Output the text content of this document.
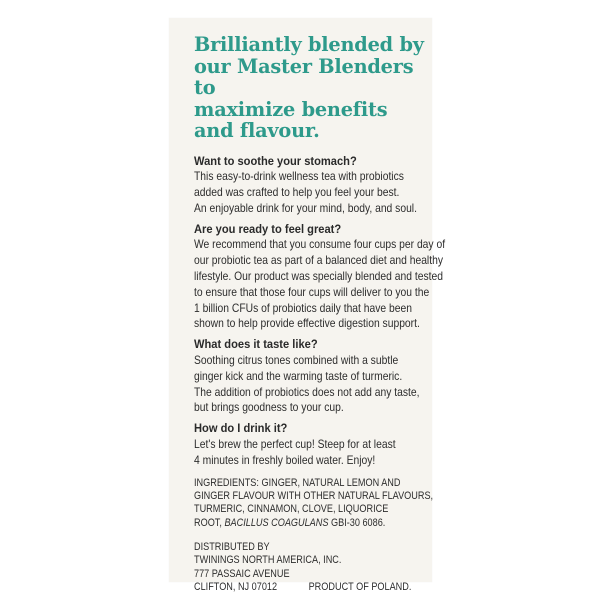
Brilliantly blended by
our Master Blenders to
maximize benefits
and flavour.
Want to soothe your stomach?
This easy-to-drink wellness tea with probiotics
added was crafted to help you feel your best.
An enjoyable drink for your mind, body, and soul.
Are you ready to feel great?
We recommend that you consume four cups per day of
our probiotic tea as part of a balanced diet and healthy
lifestyle. Our product was specially blended and tested
to ensure that those four cups will deliver to you the
1 billion CFUs of probiotics daily that have been
shown to help provide effective digestion support.
What does it taste like?
Soothing citrus tones combined with a subtle
ginger kick and the warming taste of turmeric.
The addition of probiotics does not add any taste,
but brings goodness to your cup.
How do I drink it?
Let's brew the perfect cup! Steep for at least
4 minutes in freshly boiled water. Enjoy!
INGREDIENTS: GINGER, NATURAL LEMON AND
GINGER FLAVOUR WITH OTHER NATURAL FLAVOURS,
TURMERIC, CINNAMON, CLOVE, LIQUORICE
ROOT, BACILLUS COAGULANS GBI-30 6086.
DISTRIBUTED BY
TWININGS NORTH AMERICA, INC.
777 PASSAIC AVENUE
CLIFTON, NJ 07012	PRODUCT OF POLAND.
